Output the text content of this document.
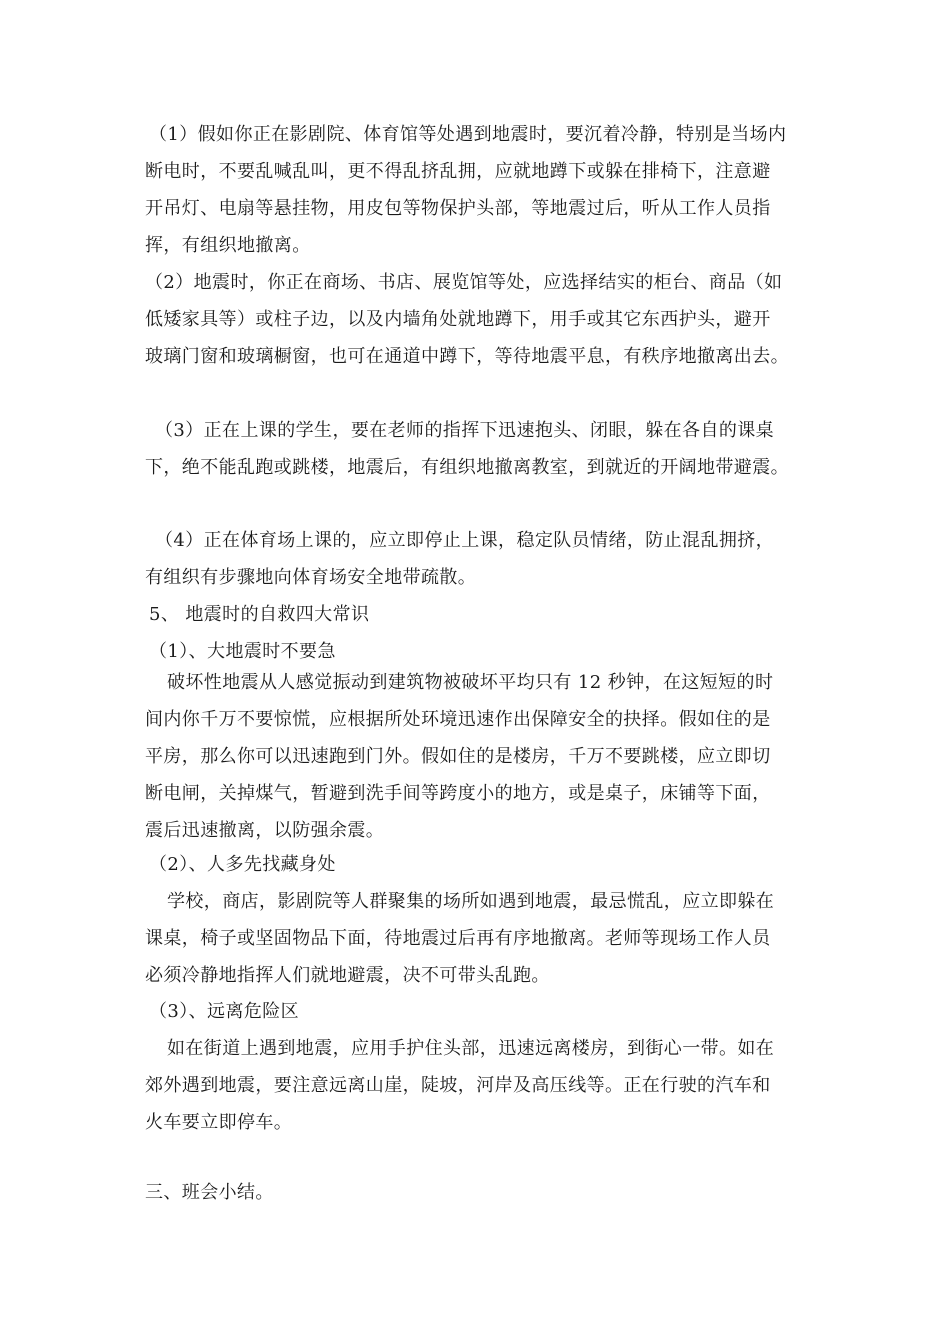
（1）假如你正在影剧院、体育馆等处遇到地震时，要沉着冷静，特别是当场内
断电时，不要乱喊乱叫，更不得乱挤乱拥，应就地蹲下或躲在排椅下，注意避
开吊灯、电扇等悬挂物，用皮包等物保护头部，等地震过后，听从工作人员指
挥，有组织地撤离。
（2）地震时，你正在商场、书店、展览馆等处，应选择结实的柜台、商品（如
低矮家具等）或柱子边，以及内墙角处就地蹲下，用手或其它东西护头，避开
玻璃门窗和玻璃橱窗，也可在通道中蹲下，等待地震平息，有秩序地撤离出去。
（3）正在上课的学生，要在老师的指挥下迅速抱头、闭眼，躲在各自的课桌
下，绝不能乱跑或跳楼，地震后，有组织地撤离教室，到就近的开阔地带避震。
（4）正在体育场上课的，应立即停止上课，稳定队员情绪，防止混乱拥挤，
有组织有步骤地向体育场安全地带疏散。
5、 地震时的自救四大常识
（1）、大地震时不要急
破坏性地震从人感觉振动到建筑物被破坏平均只有 12 秒钟，在这短短的时
间内你千万不要惊慌，应根据所处环境迅速作出保障安全的抉择。假如住的是
平房，那么你可以迅速跑到门外。假如住的是楼房，千万不要跳楼，应立即切
断电闸，关掉煤气，暂避到洗手间等跨度小的地方，或是桌子，床铺等下面，
震后迅速撤离，以防强余震。
（2）、人多先找藏身处
学校，商店，影剧院等人群聚集的场所如遇到地震，最忌慌乱，应立即躲在
课桌，椅子或坚固物品下面，待地震过后再有序地撤离。老师等现场工作人员
必须冷静地指挥人们就地避震，决不可带头乱跑。
（3）、远离危险区
如在街道上遇到地震，应用手护住头部，迅速远离楼房，到街心一带。如在
郊外遇到地震，要注意远离山崖，陡坡，河岸及高压线等。正在行驶的汽车和
火车要立即停车。
三、班会小结。
